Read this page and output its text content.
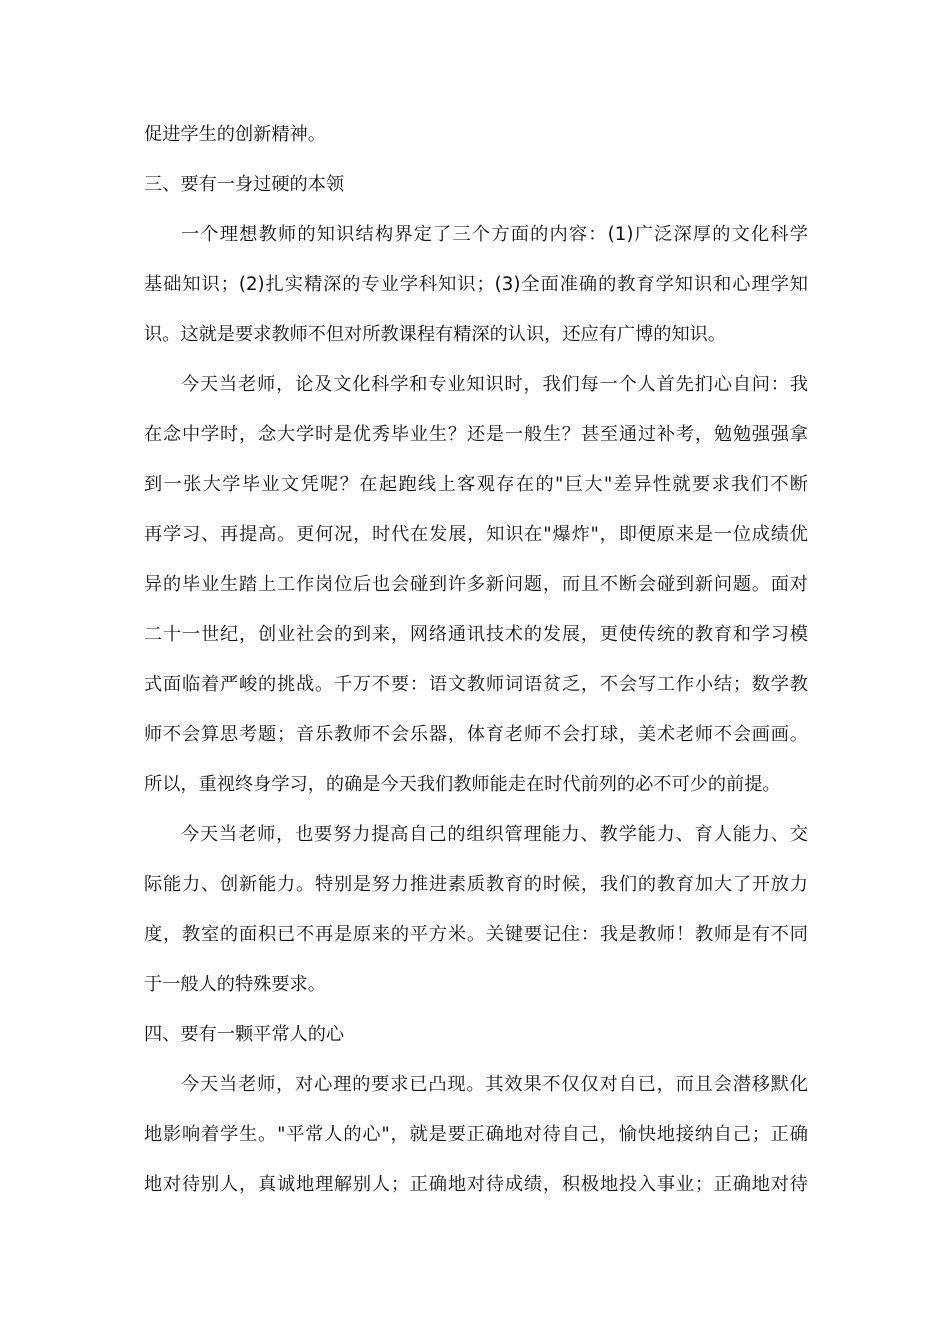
促进学生的创新精神。
三、要有一身过硬的本领
一个理想教师的知识结构界定了三个方面的内容：(1)广泛深厚的文化科学
基础知识；(2)扎实精深的专业学科知识；(3)全面准确的教育学知识和心理学知
识。这就是要求教师不但对所教课程有精深的认识，还应有广博的知识。
今天当老师，论及文化科学和专业知识时，我们每一个人首先扪心自问：我
在念中学时，念大学时是优秀毕业生？还是一般生？甚至通过补考，勉勉强强拿
到一张大学毕业文凭呢？在起跑线上客观存在的"巨大"差异性就要求我们不断
再学习、再提高。更何况，时代在发展，知识在"爆炸"，即便原来是一位成绩优
异的毕业生踏上工作岗位后也会碰到许多新问题，而且不断会碰到新问题。面对
二十一世纪，创业社会的到来，网络通讯技术的发展，更使传统的教育和学习模
式面临着严峻的挑战。千万不要：语文教师词语贫乏，不会写工作小结；数学教
师不会算思考题；音乐教师不会乐器，体育老师不会打球，美术老师不会画画。
所以，重视终身学习，的确是今天我们教师能走在时代前列的必不可少的前提。
今天当老师，也要努力提高自己的组织管理能力、教学能力、育人能力、交
际能力、创新能力。特别是努力推进素质教育的时候，我们的教育加大了开放力
度，教室的面积已不再是原来的平方米。关键要记住：我是教师！教师是有不同
于一般人的特殊要求。
四、要有一颗平常人的心
今天当老师，对心理的要求已凸现。其效果不仅仅对自已，而且会潜移默化
地影响着学生。"平常人的心"，就是要正确地对待自己，愉快地接纳自己；正确
地对待别人，真诚地理解别人；正确地对待成绩，积极地投入事业；正确地对待
